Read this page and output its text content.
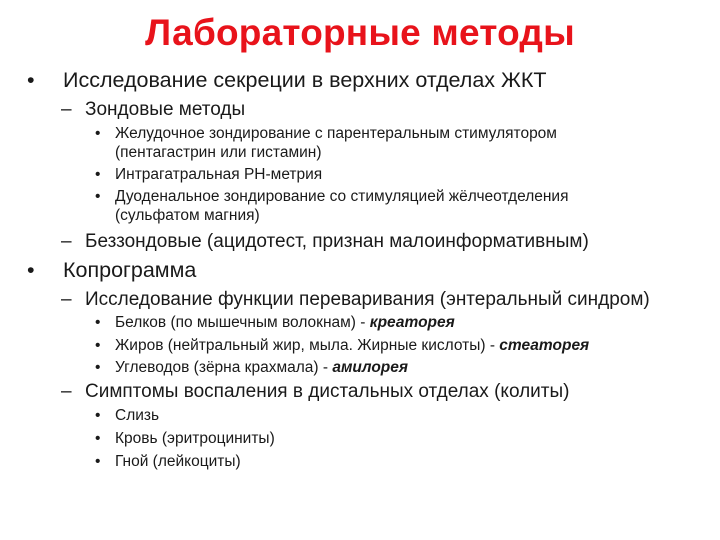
Лабораторные методы
• Исследование секреции в верхних отделах ЖКТ
– Зондовые методы
• Желудочное зондирование с парентеральным стимулятором
(пентагастрин или гистамин)
• Интрагатральная РН-метрия
• Дуоденальное зондирование со стимуляцией жёлчеотделения
(сульфатом магния)
– Беззондовые (ацидотест, признан малоинформативным)
• Копрограмма
– Исследование функции переваривания (энтеральный синдром)
• Белков (по мышечным волокнам) - креаторея
• Жиров (нейтральный жир, мыла. Жирные кислоты) - стеаторея
• Углеводов (зёрна крахмала) - амилорея
– Симптомы воспаления в дистальных отделах (колиты)
• Слизь
• Кровь (эритроциниты)
• Гной (лейкоциты)
